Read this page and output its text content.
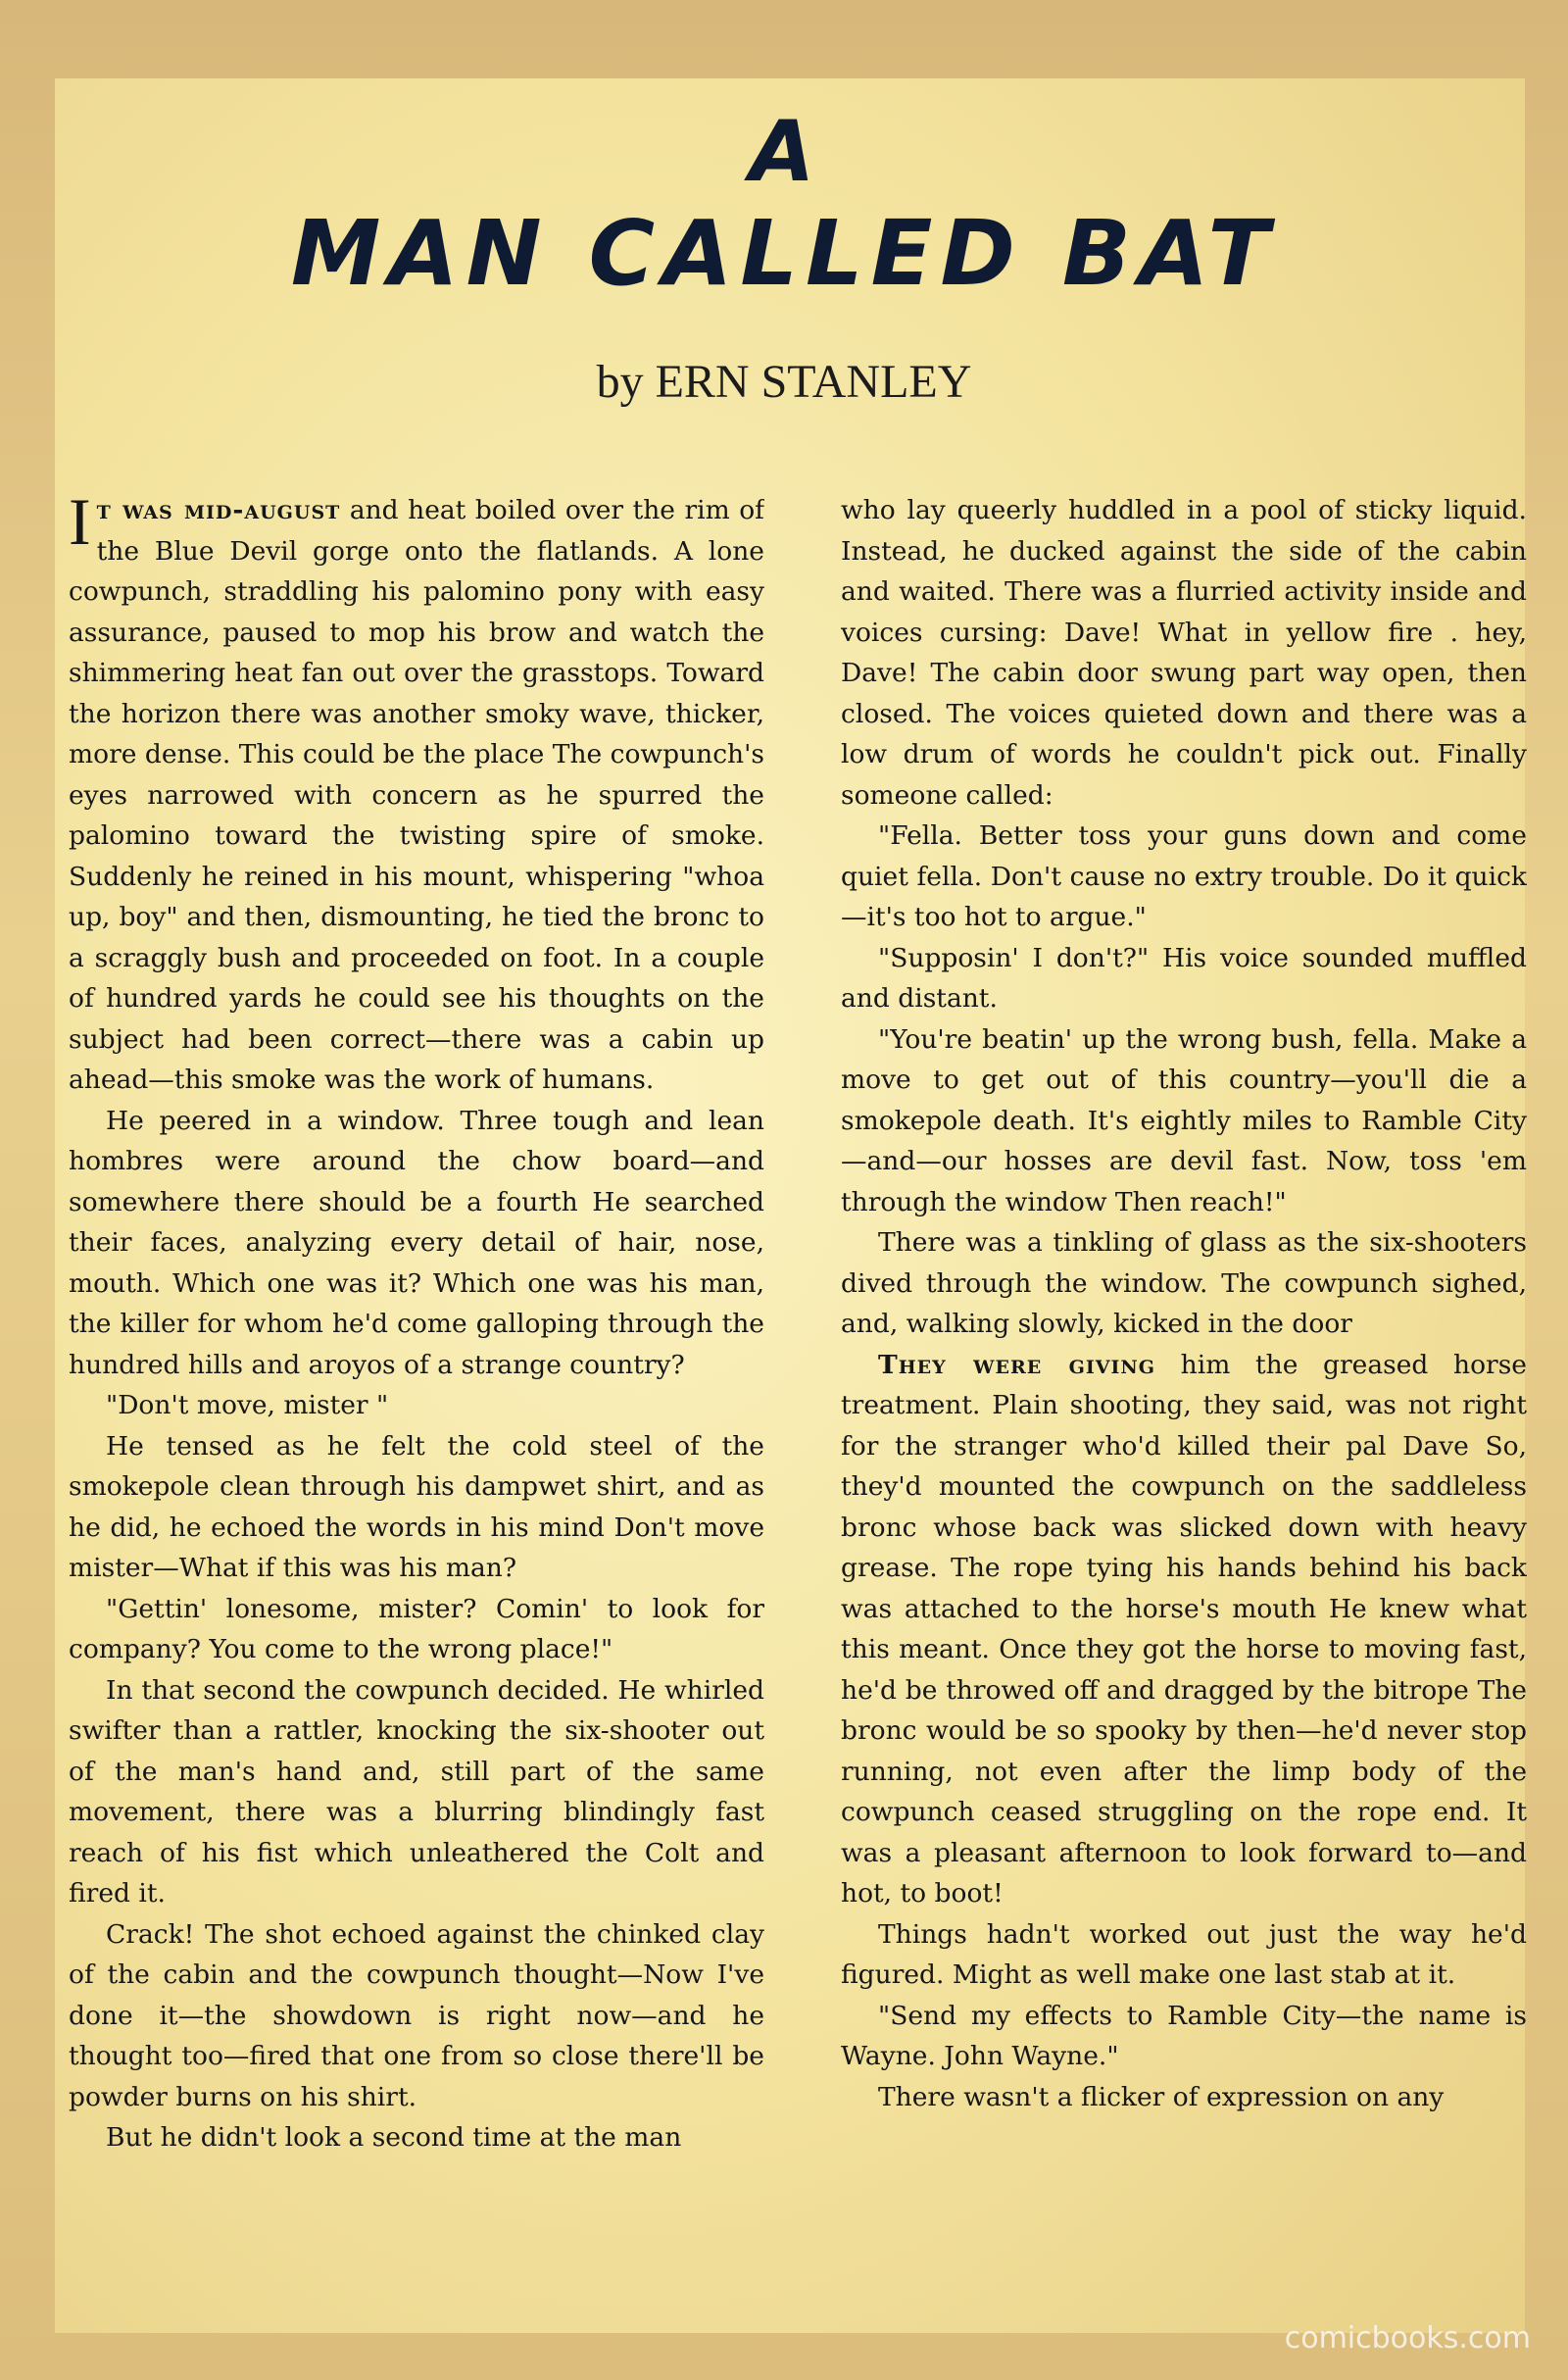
A
MAN CALLED BAT
by ERN STANLEY

It was mid-august and heat boiled over the rim of the Blue Devil gorge onto the flatlands. A lone cowpunch, straddling his palomino pony with easy assurance, paused to mop his brow and watch the shimmering heat fan out over the grasstops. Toward the horizon there was another smoky wave, thicker, more dense. This could be the place The cowpunch's eyes narrowed with concern as he spurred the palomino toward the twisting spire of smoke. Suddenly he reined in his mount, whispering "whoa up, boy" and then, dismounting, he tied the bronc to a scraggly bush and proceeded on foot. In a couple of hundred yards he could see his thoughts on the subject had been correct—there was a cabin up ahead—this smoke was the work of humans.

He peered in a window. Three tough and lean hombres were around the chow board—and somewhere there should be a fourth He searched their faces, analyzing every detail of hair, nose, mouth. Which one was it? Which one was his man, the killer for whom he'd come galloping through the hundred hills and aroyos of a strange country?

"Don't move, mister "

He tensed as he felt the cold steel of the smokepole clean through his dampwet shirt, and as he did, he echoed the words in his mind Don't move mister—What if this was his man?

"Gettin' lonesome, mister? Comin' to look for company? You come to the wrong place!"

In that second the cowpunch decided. He whirled swifter than a rattler, knocking the six-shooter out of the man's hand and, still part of the same movement, there was a blurring blindingly fast reach of his fist which unleathered the Colt and fired it.

Crack! The shot echoed against the chinked clay of the cabin and the cowpunch thought—Now I've done it—the showdown is right now—and he thought too—fired that one from so close there'll be powder burns on his shirt.

But he didn't look a second time at the man

who lay queerly huddled in a pool of sticky liquid. Instead, he ducked against the side of the cabin and waited. There was a flurried activity inside and voices cursing: Dave! What in yellow fire . hey, Dave! The cabin door swung part way open, then closed. The voices quieted down and there was a low drum of words he couldn't pick out. Finally someone called:

"Fella. Better toss your guns down and come quiet fella. Don't cause no extry trouble. Do it quick—it's too hot to argue."

"Supposin' I don't?" His voice sounded muffled and distant.

"You're beatin' up the wrong bush, fella. Make a move to get out of this country—you'll die a smokepole death. It's eightly miles to Ramble City—and—our hosses are devil fast. Now, toss 'em through the window Then reach!"

There was a tinkling of glass as the six-shooters dived through the window. The cowpunch sighed, and, walking slowly, kicked in the door

They were giving him the greased horse treatment. Plain shooting, they said, was not right for the stranger who'd killed their pal Dave So, they'd mounted the cowpunch on the saddleless bronc whose back was slicked down with heavy grease. The rope tying his hands behind his back was attached to the horse's mouth He knew what this meant. Once they got the horse to moving fast, he'd be throwed off and dragged by the bitrope The bronc would be so spooky by then—he'd never stop running, not even after the limp body of the cowpunch ceased struggling on the rope end. It was a pleasant afternoon to look forward to—and hot, to boot!

Things hadn't worked out just the way he'd figured. Might as well make one last stab at it.

"Send my effects to Ramble City—the name is Wayne. John Wayne."

There wasn't a flicker of expression on any

comicbooks.com
